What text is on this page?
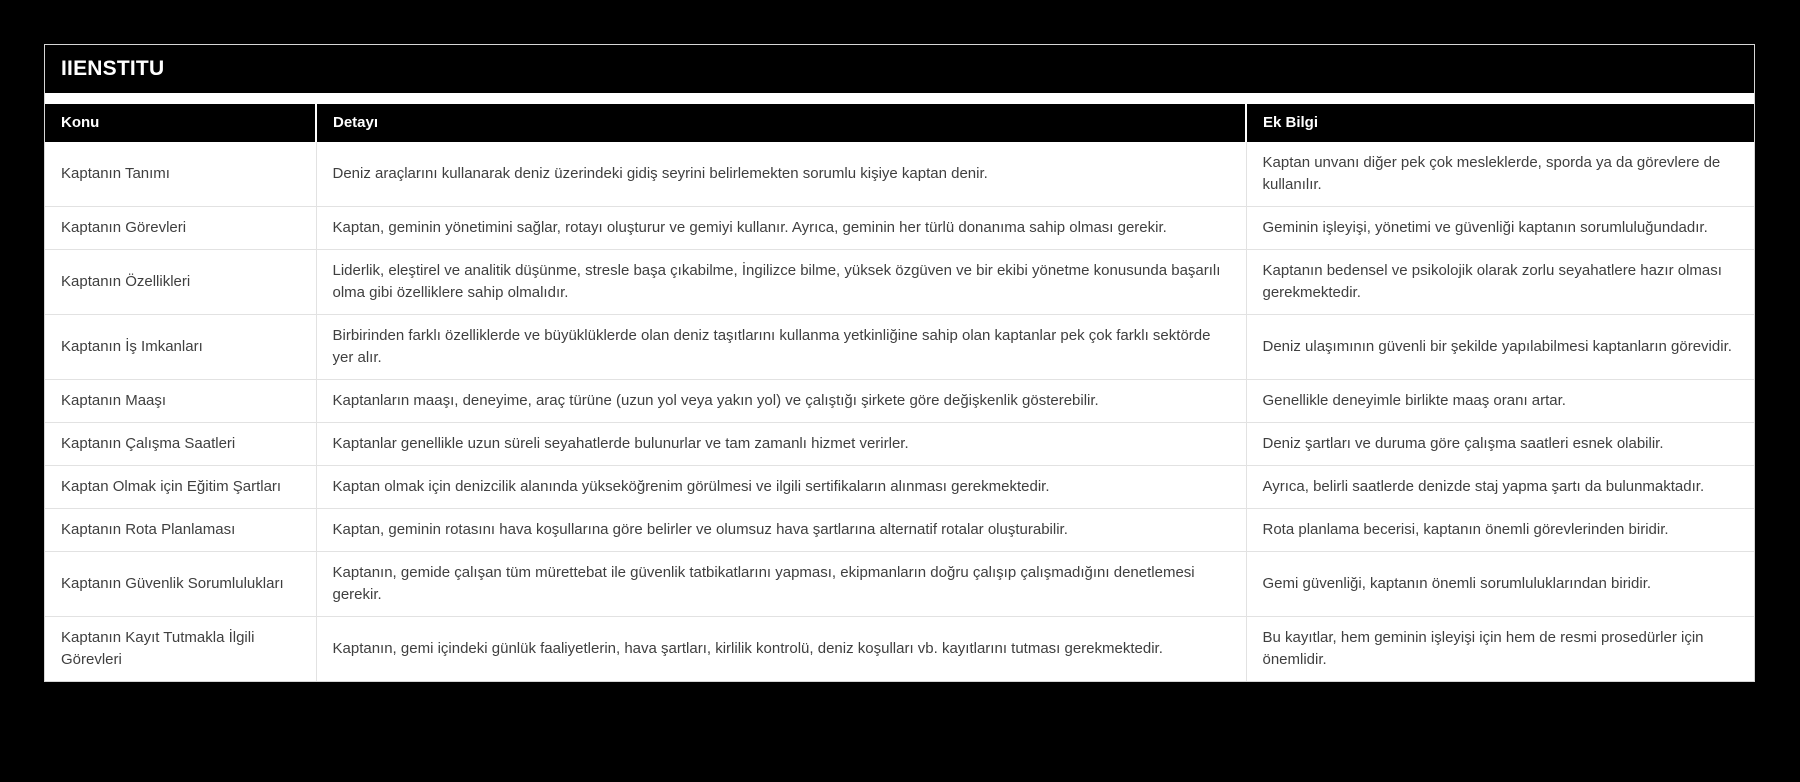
IIENSTITU
Konu	Detayı	Ek Bilgi
Kaptanın Tanımı	Deniz araçlarını kullanarak deniz üzerindeki gidiş seyrini belirlemekten sorumlu kişiye kaptan denir.	Kaptan unvanı diğer pek çok mesleklerde, sporda ya da görevlere de kullanılır.
Kaptanın Görevleri	Kaptan, geminin yönetimini sağlar, rotayı oluşturur ve gemiyi kullanır. Ayrıca, geminin her türlü donanıma sahip olması gerekir.	Geminin işleyişi, yönetimi ve güvenliği kaptanın sorumluluğundadır.
Kaptanın Özellikleri	Liderlik, eleştirel ve analitik düşünme, stresle başa çıkabilme, İngilizce bilme, yüksek özgüven ve bir ekibi yönetme konusunda başarılı olma gibi özelliklere sahip olmalıdır.	Kaptanın bedensel ve psikolojik olarak zorlu seyahatlere hazır olması gerekmektedir.
Kaptanın İş Imkanları	Birbirinden farklı özelliklerde ve büyüklüklerde olan deniz taşıtlarını kullanma yetkinliğine sahip olan kaptanlar pek çok farklı sektörde yer alır.	Deniz ulaşımının güvenli bir şekilde yapılabilmesi kaptanların görevidir.
Kaptanın Maaşı	Kaptanların maaşı, deneyime, araç türüne (uzun yol veya yakın yol) ve çalıştığı şirkete göre değişkenlik gösterebilir.	Genellikle deneyimle birlikte maaş oranı artar.
Kaptanın Çalışma Saatleri	Kaptanlar genellikle uzun süreli seyahatlerde bulunurlar ve tam zamanlı hizmet verirler.	Deniz şartları ve duruma göre çalışma saatleri esnek olabilir.
Kaptan Olmak için Eğitim Şartları	Kaptan olmak için denizcilik alanında yükseköğrenim görülmesi ve ilgili sertifikaların alınması gerekmektedir.	Ayrıca, belirli saatlerde denizde staj yapma şartı da bulunmaktadır.
Kaptanın Rota Planlaması	Kaptan, geminin rotasını hava koşullarına göre belirler ve olumsuz hava şartlarına alternatif rotalar oluşturabilir.	Rota planlama becerisi, kaptanın önemli görevlerinden biridir.
Kaptanın Güvenlik Sorumlulukları	Kaptanın, gemide çalışan tüm mürettebat ile güvenlik tatbikatlarını yapması, ekipmanların doğru çalışıp çalışmadığını denetlemesi gerekir.	Gemi güvenliği, kaptanın önemli sorumluluklarından biridir.
Kaptanın Kayıt Tutmakla İlgili Görevleri	Kaptanın, gemi içindeki günlük faaliyetlerin, hava şartları, kirlilik kontrolü, deniz koşulları vb. kayıtlarını tutması gerekmektedir.	Bu kayıtlar, hem geminin işleyişi için hem de resmi prosedürler için önemlidir.
